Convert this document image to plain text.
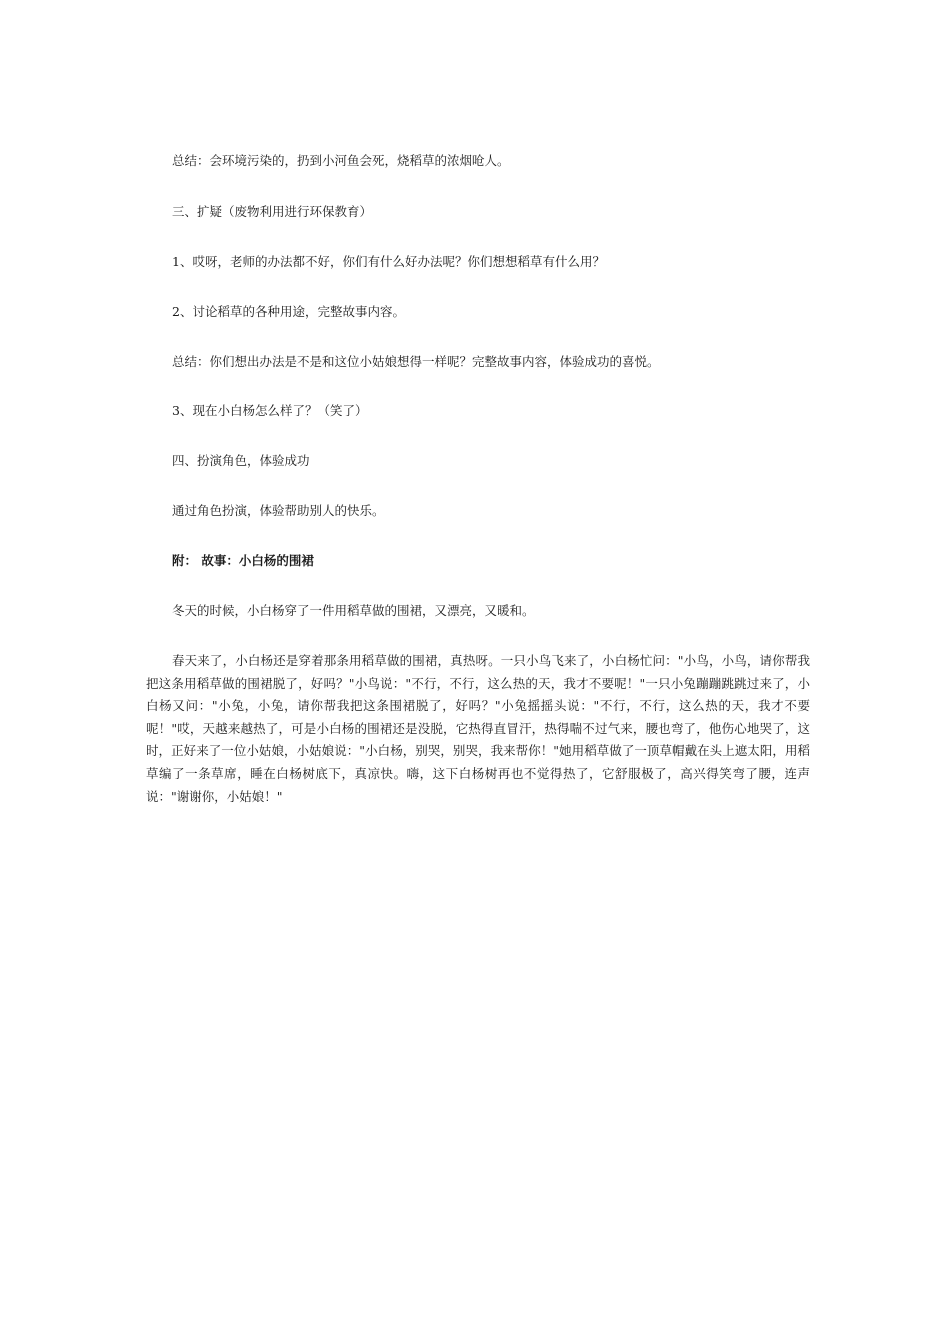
总结：会环境污染的，扔到小河鱼会死，烧稻草的浓烟呛人。

三、扩疑（废物利用进行环保教育）

1、哎呀，老师的办法都不好，你们有什么好办法呢？你们想想稻草有什么用？

2、讨论稻草的各种用途，完整故事内容。

总结：你们想出办法是不是和这位小姑娘想得一样呢？完整故事内容，体验成功的喜悦。

3、现在小白杨怎么样了？（笑了）

四、扮演角色，体验成功

通过角色扮演，体验帮助别人的快乐。

附： 故事：小白杨的围裙

冬天的时候，小白杨穿了一件用稻草做的围裙，又漂亮，又暖和。

春天来了，小白杨还是穿着那条用稻草做的围裙，真热呀。一只小鸟飞来了，小白杨忙问："小鸟，小鸟，请你帮我把这条用稻草做的围裙脱了，好吗？"小鸟说："不行，不行，这么热的天，我才不要呢！"一只小兔蹦蹦跳跳过来了，小白杨又问："小兔，小兔，请你帮我把这条围裙脱了，好吗？"小兔摇摇头说："不行，不行，这么热的天，我才不要呢！"哎，天越来越热了，可是小白杨的围裙还是没脱，它热得直冒汗，热得喘不过气来，腰也弯了，他伤心地哭了，这时，正好来了一位小姑娘，小姑娘说："小白杨，别哭，别哭，我来帮你！"她用稻草做了一顶草帽戴在头上遮太阳，用稻草编了一条草席，睡在白杨树底下，真凉快。嗨，这下白杨树再也不觉得热了，它舒服极了，高兴得笑弯了腰，连声说："谢谢你，小姑娘！"
